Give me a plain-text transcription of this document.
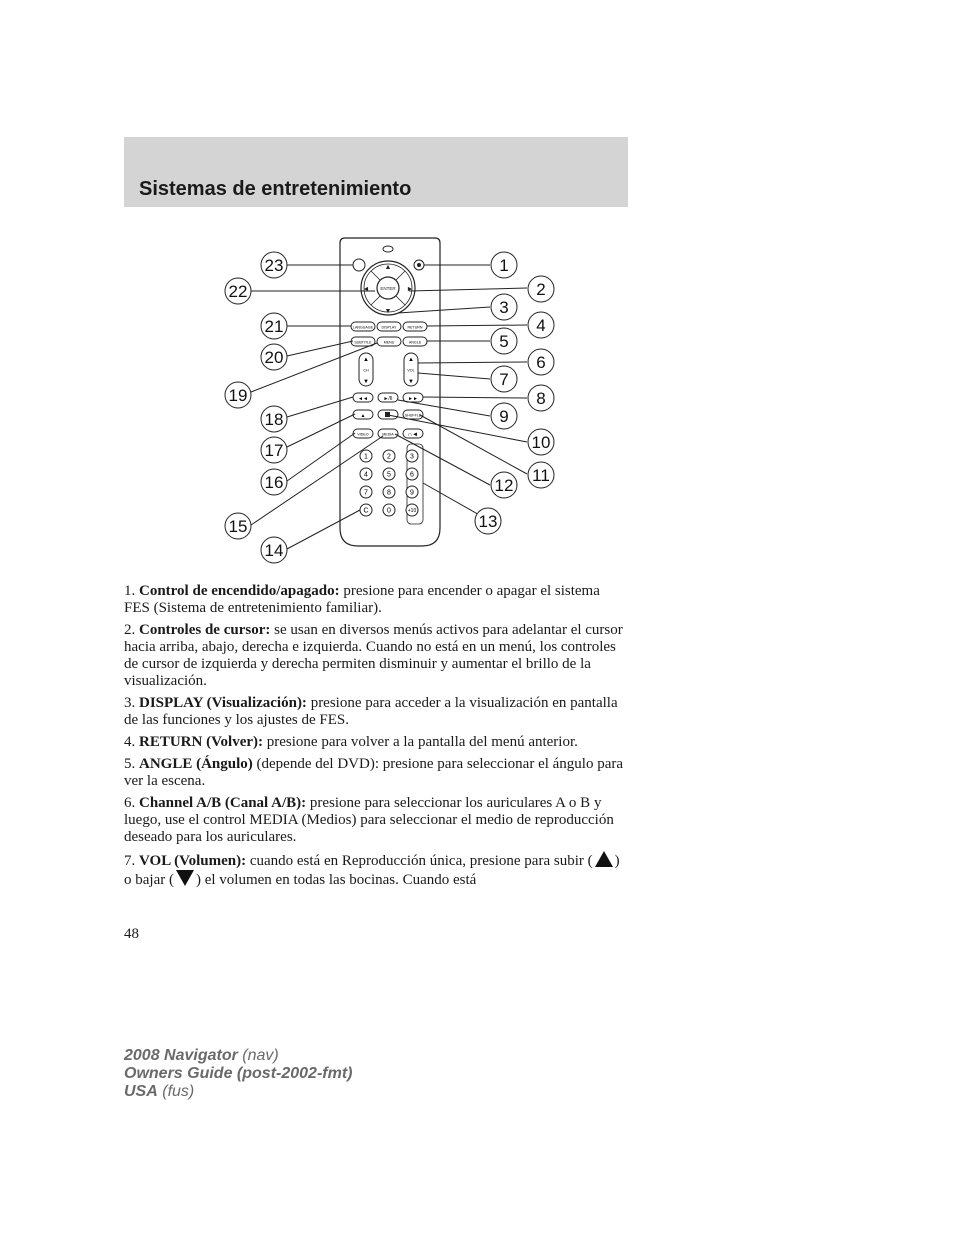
Sistemas de entretenimiento
ENTER
▲
▼
◄	►
LANGUAGE DISPLAY	RETURN
SUBTITLE	MENU	ANGLE
▲
CH
▼
▲
VOL
▼
◄◄	►/II	►►
▲	SHUFFLE
VIDEO	MEDIA ∩◄
1	2	3
4	5	6
7	8	9
C	0	+10
23
22
21
20
19
18
17
16
15
14
1
2
3
4
5
6
7
8
9
10
11
12
13

1. Control de encendido/apagado: presione para encender o apagar el sistema FES (Sistema de entretenimiento familiar).

2. Controles de cursor: se usan en diversos menús activos para adelantar el cursor hacia arriba, abajo, derecha e izquierda. Cuando no está en un menú, los controles de cursor de izquierda y derecha permiten disminuir y aumentar el brillo de la visualización.

3. DISPLAY (Visualización): presione para acceder a la visualización en pantalla de las funciones y los ajustes de FES.

4. RETURN (Volver): presione para volver a la pantalla del menú anterior.

5. ANGLE (Ángulo) (depende del DVD): presione para seleccionar el ángulo para ver la escena.

6. Channel A/B (Canal A/B): presione para seleccionar los auriculares A o B y luego, use el control MEDIA (Medios) para seleccionar el medio de reproducción deseado para los auriculares.

7. VOL (Volumen): cuando está en Reproducción única, presione para subir ( ) o bajar ( ) el volumen en todas las bocinas. Cuando está

48
2008 Navigator (nav)
Owners Guide (post-2002-fmt)
USA (fus)
